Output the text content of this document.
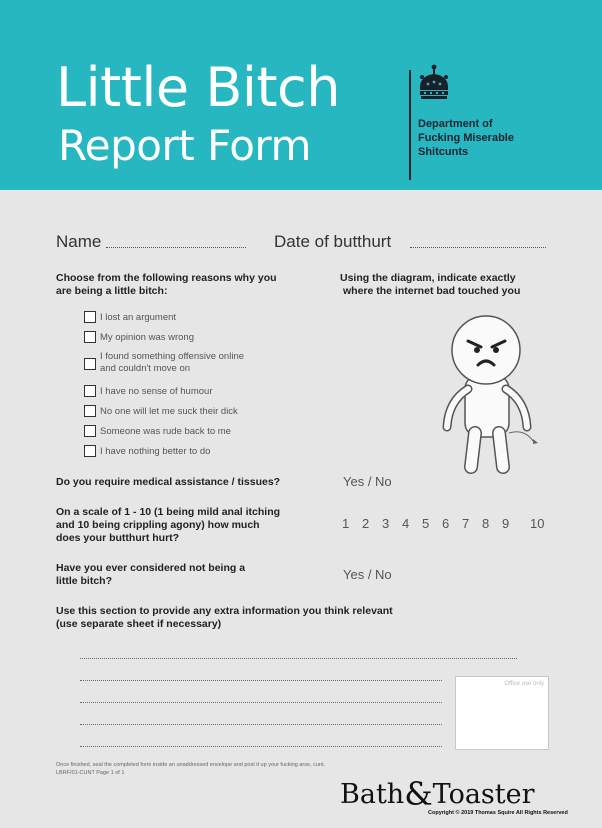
Little Bitch
Report Form	Department of
Fucking Miserable
Shitcunts
Name	Date of butthurt
Choose from the following reasons why you
are being a little bitch:
I lost an argument
My opinion was wrong
I found something offensive online
and couldn't move on
I have no sense of humour
No one will let me suck their dick
Someone was rude back to me
I have nothing better to do
Using the diagram, indicate exactly
where the internet bad touched you
Do you require medical assistance / tissues?	Yes / No
On a scale of 1 - 10 (1 being mild anal itching
and 10 being crippling agony) how much
does your butthurt hurt?
1 2 3 4 5 6 7 8 9 10
Have you ever considered not being a
little bitch?	Yes / No
Use this section to provide any extra information you think relevant
(use separate sheet if necessary)
Office use only
Once finished, seal the completed form inside an unaddressed envelope and post it up your fucking arse, cunt.
LBRF/01-CUNT Page 1 of 1
Bath&Toaster
Copyright © 2019 Thomas Squire All Rights Reserved
